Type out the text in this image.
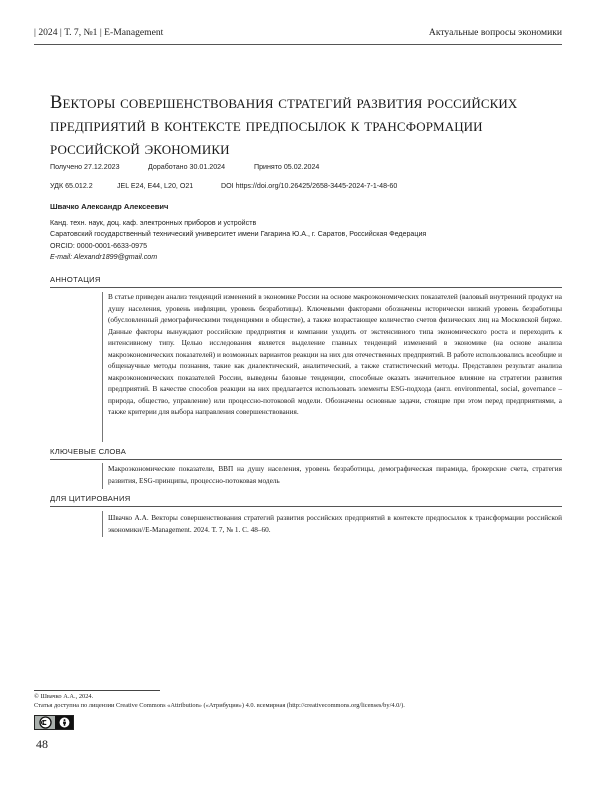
| 2024 | Т. 7, №1 | E-Management	Актуальные вопросы экономики
Векторы совершенствования стратегий развития российских предприятий в контексте предпосылок к трансформации российской экономики
Получено 27.12.2023	Доработано 30.01.2024	Принято 05.02.2024
УДК 65.012.2	JEL E24, E44, L20, O21	DOI https://doi.org/10.26425/2658-3445-2024-7-1-48-60
Швачко Александр Алексеевич
Канд. техн. наук, доц. каф. электронных приборов и устройств
Саратовский государственный технический университет имени Гагарина Ю.А., г. Саратов, Российская Федерация
ORCID: 0000-0001-6633-0975
E-mail: Alexandr1899@gmail.com
АННОТАЦИЯ

В статье приведен анализ тенденций изменений в экономике России на основе макроэкономических показателей (валовый внутренний продукт на душу населения, уровень инфляции, уровень безработицы). Ключевыми факторами обозначены исторически низкий уровень безработицы (обусловленный демографическими тенденциями в обществе), а также возрастающее количество счетов физических лиц на Московской бирже. Данные факторы вынуждают российские предприятия и компании уходить от экстенсивного типа экономического роста и переходить к интенсивному типу. Целью исследования является выделение главных тенденций изменений в экономике (на основе анализа макроэкономических показателей) и возможных вариантов реакции на них для отечественных предприятий. В работе использовались всеобщие и общенаучные методы познания, такие как диалектический, аналитический, а также статистический методы. Представлен результат анализа макроэкономических показателей России, выведены базовые тенденции, способные оказать значительное влияние на стратегии развития предприятий. В качестве способов реакции на них предлагается использовать элементы ESG-подхода (англ. environmental, social, governance – природа, общество, управление) или процессно-потоковой модели. Обозначены основные задачи, стоящие при этом перед предприятиями, а также критерии для выбора направления совершенствования.

КЛЮЧЕВЫЕ СЛОВА

Макроэкономические показатели, ВВП на душу населения, уровень безработицы, демографическая пирамида, брокерские счета, стратегия развития, ESG-принципы, процессно-потоковая модель

ДЛЯ ЦИТИРОВАНИЯ

Швачко А.А. Векторы совершенствования стратегий развития российских предприятий в контексте предпосылок к трансформации российской экономики//E-Management. 2024. Т. 7, № 1. С. 48–60.

© Швачко А.А., 2024.
Статья доступна по лицензии Creative Commons «Attribution» («Атрибуция») 4.0. всемирная (http://creativecommons.org/licenses/by/4.0/).
48
